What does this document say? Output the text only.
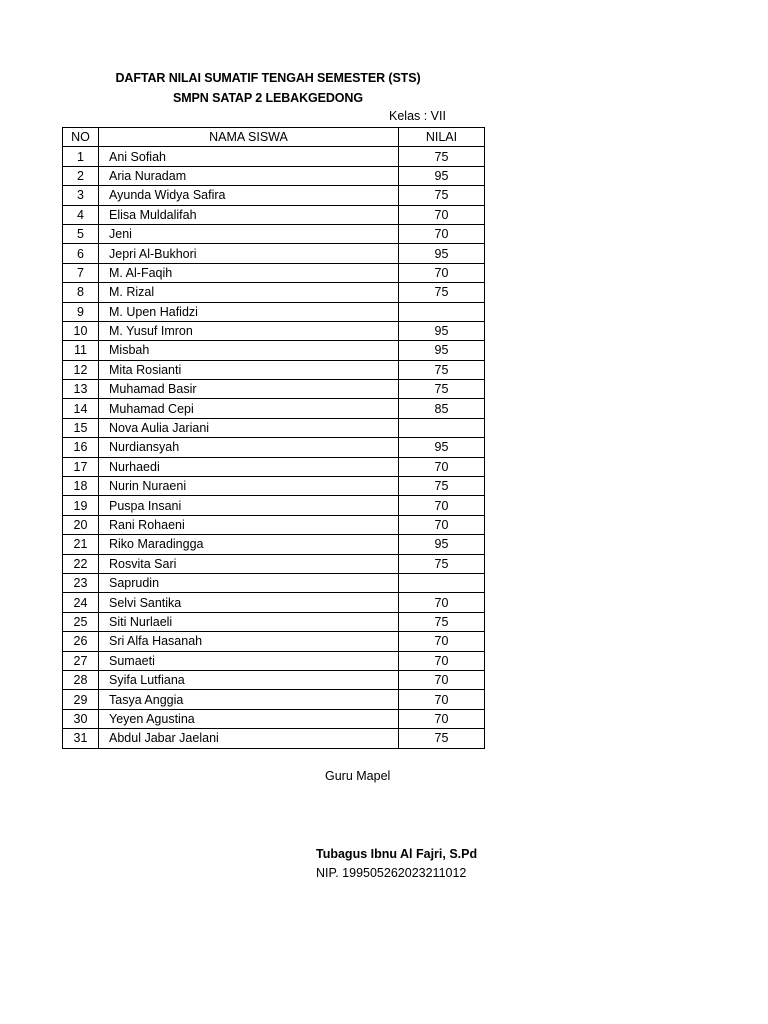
DAFTAR NILAI SUMATIF TENGAH SEMESTER (STS)
SMPN SATAP 2 LEBAKGEDONG
Kelas : VII
NO	NAMA SISWA	NILAI
1	Ani Sofiah	75
2	Aria Nuradam	95
3	Ayunda Widya Safira	75
4	Elisa Muldalifah	70
5	Jeni	70
6	Jepri Al-Bukhori	95
7	M. Al-Faqih	70
8	M. Rizal	75
9	M. Upen Hafidzi	
10	M. Yusuf Imron	95
11	Misbah	95
12	Mita Rosianti	75
13	Muhamad Basir	75
14	Muhamad Cepi	85
15	Nova Aulia Jariani	
16	Nurdiansyah	95
17	Nurhaedi	70
18	Nurin Nuraeni	75
19	Puspa Insani	70
20	Rani Rohaeni	70
21	Riko Maradingga	95
22	Rosvita Sari	75
23	Saprudin	
24	Selvi Santika	70
25	Siti Nurlaeli	75
26	Sri Alfa Hasanah	70
27	Sumaeti	70
28	Syifa Lutfiana	70
29	Tasya Anggia	70
30	Yeyen Agustina	70
31	Abdul Jabar Jaelani	75
Guru Mapel
Tubagus Ibnu Al Fajri, S.Pd
NIP. 199505262023211012
